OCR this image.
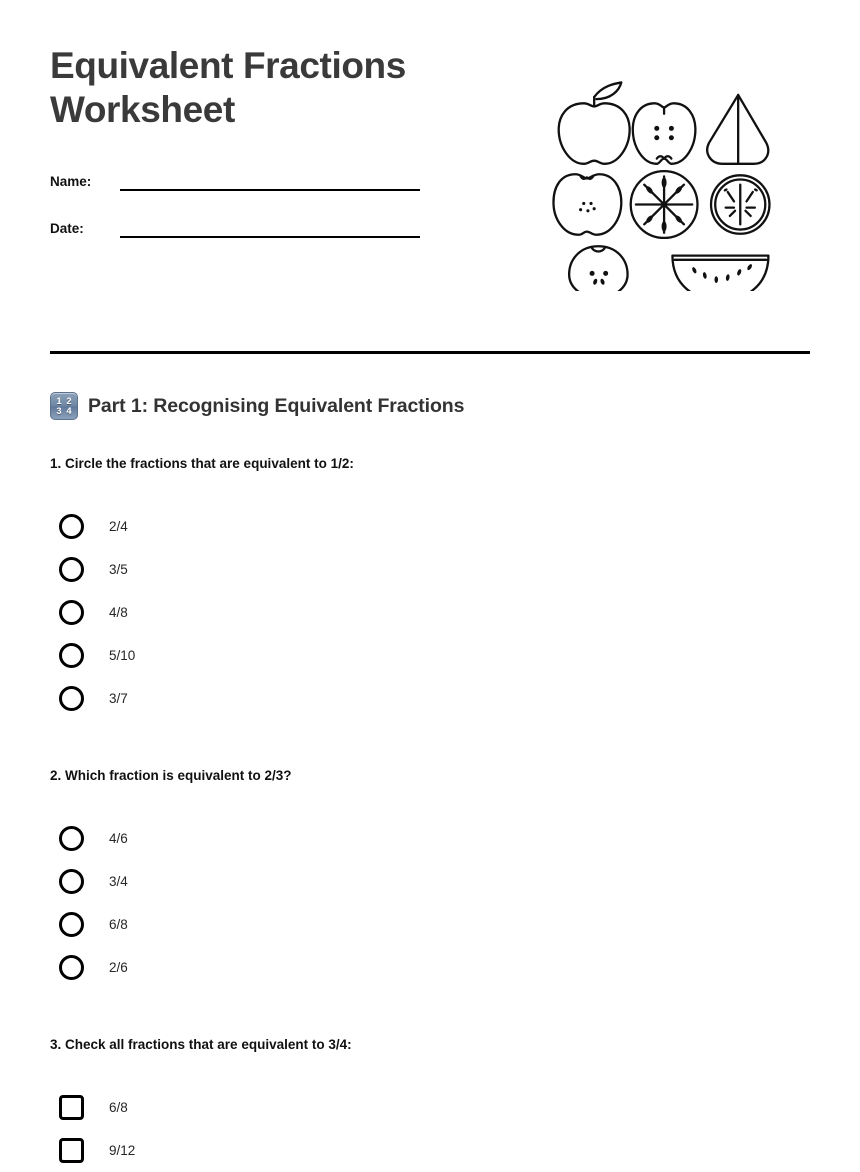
Equivalent Fractions Worksheet
Name:
Date:
1 2
3 4 Part 1: Recognising Equivalent Fractions
1. Circle the fractions that are equivalent to 1/2:
2/4
3/5
4/8
5/10
3/7
2. Which fraction is equivalent to 2/3?
4/6
3/4
6/8
2/6
3. Check all fractions that are equivalent to 3/4:
6/8
9/12
